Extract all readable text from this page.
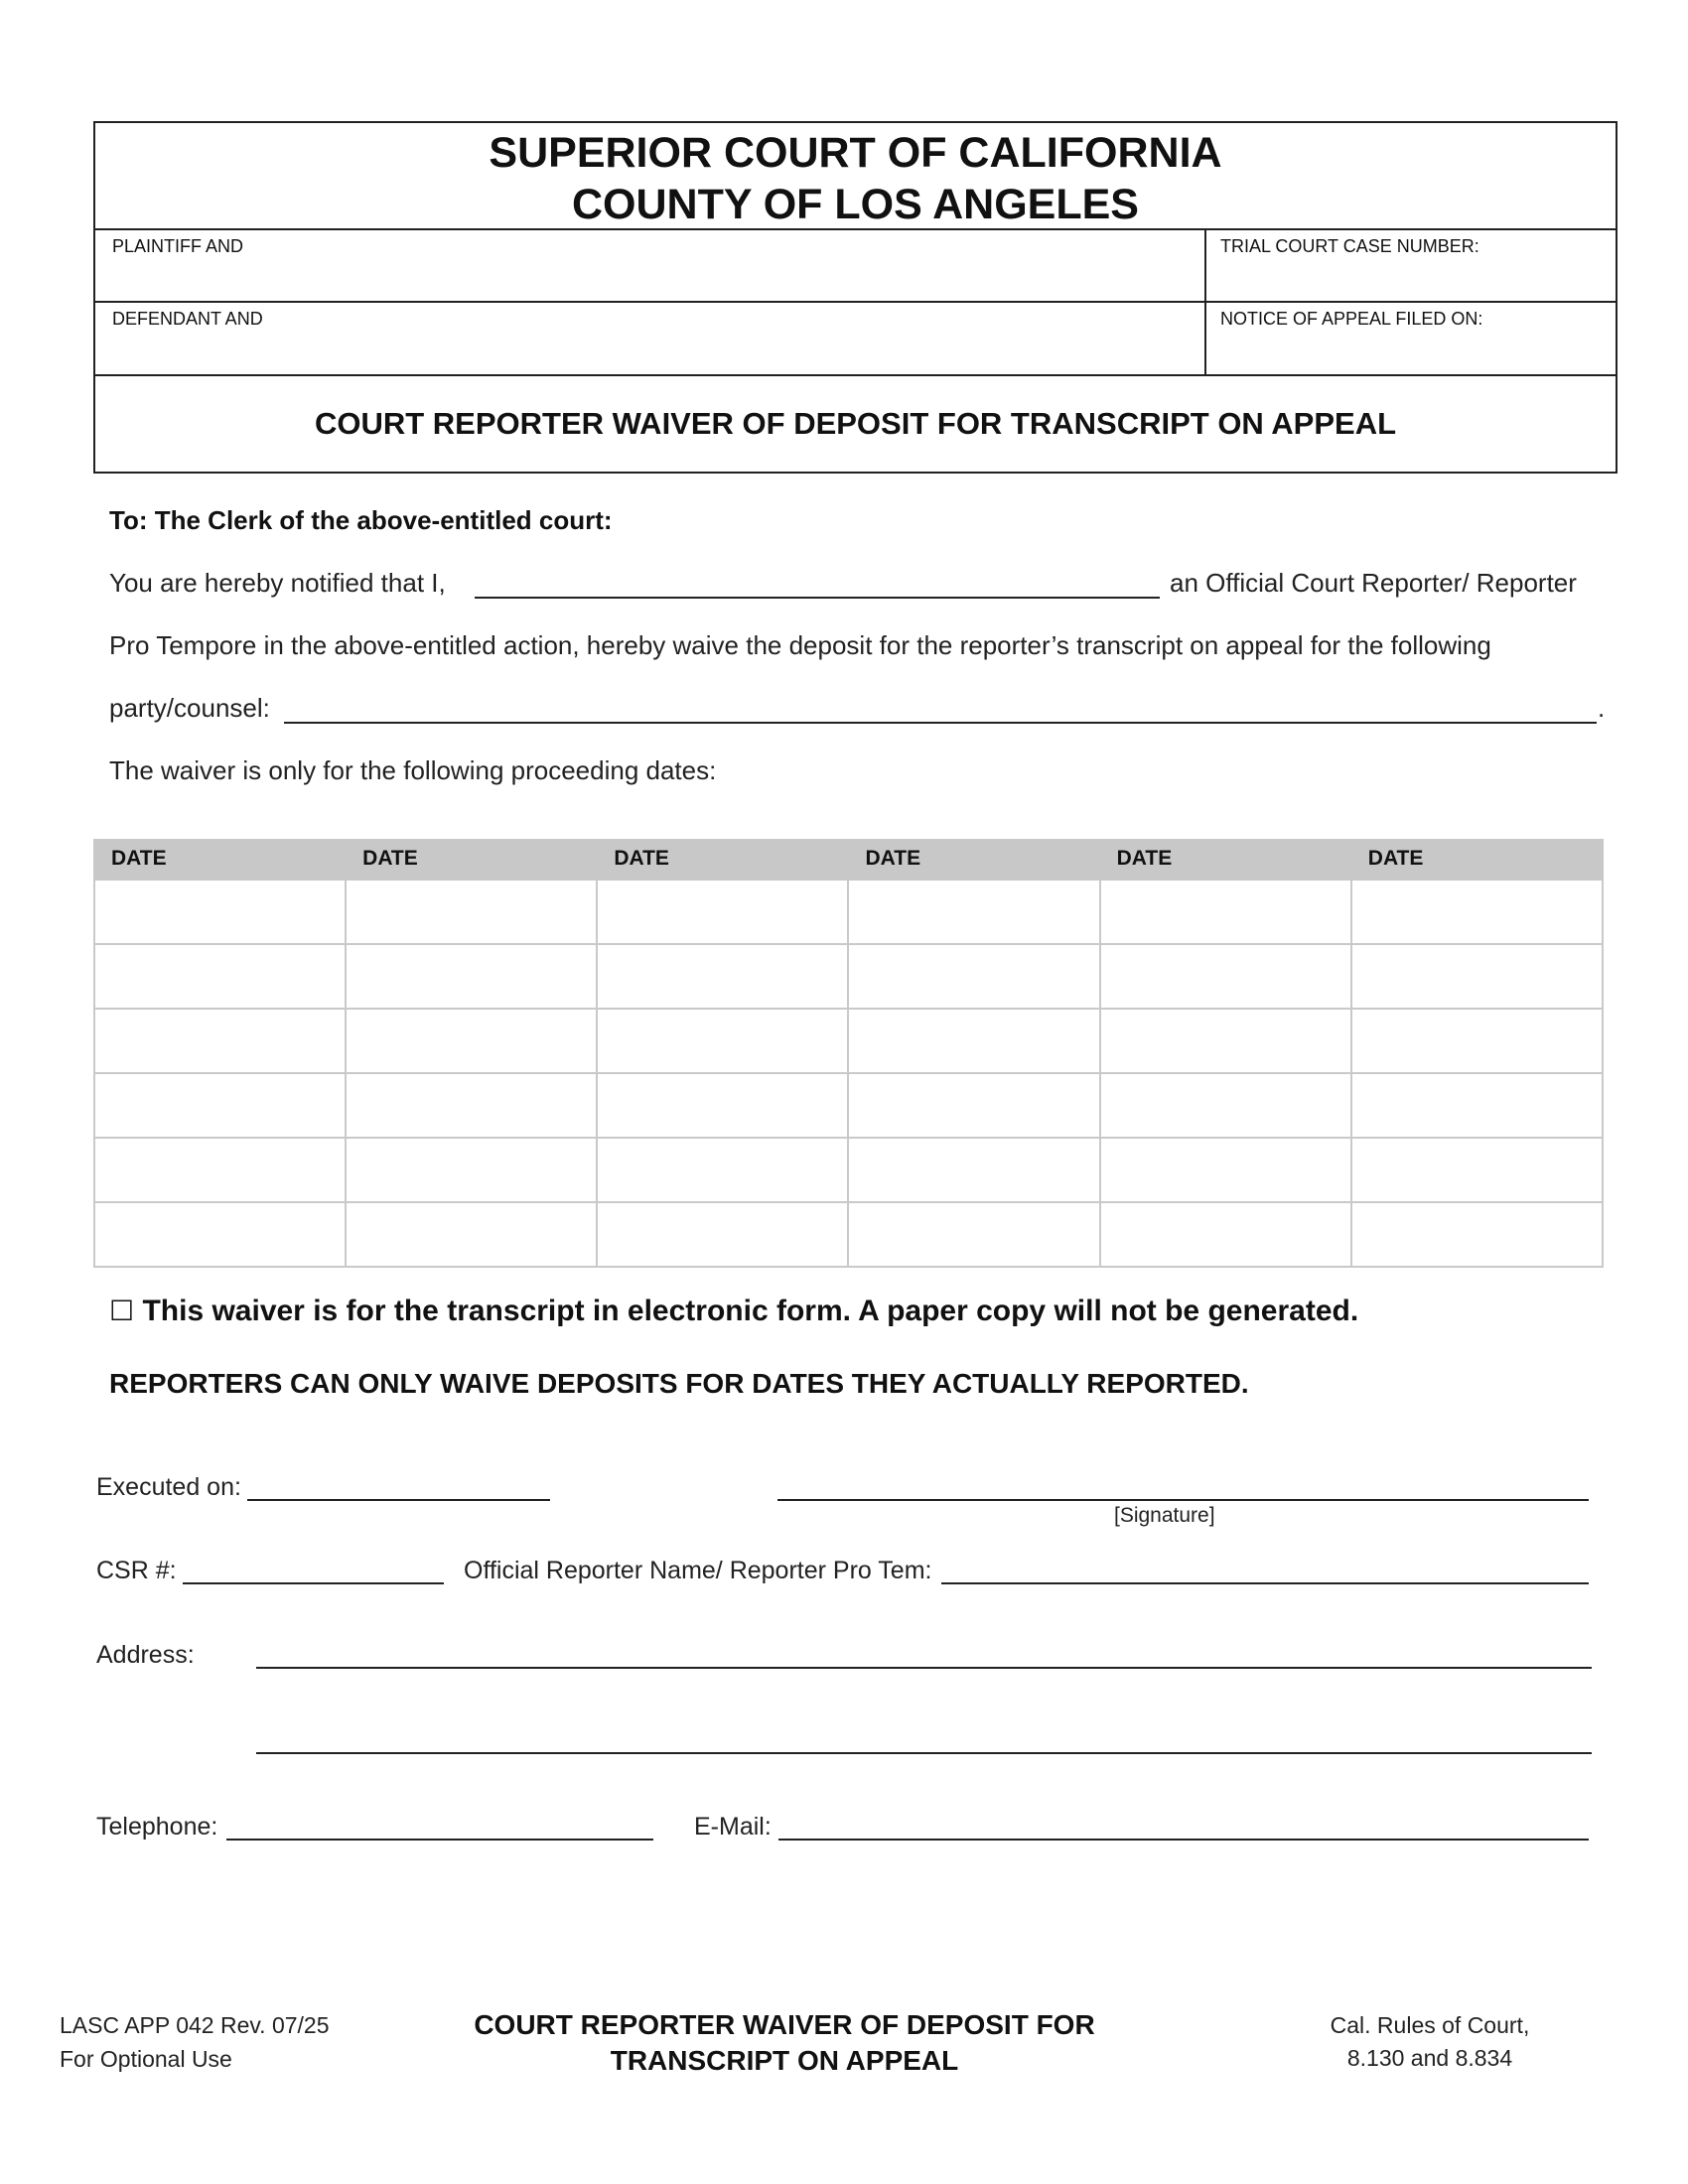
SUPERIOR COURT OF CALIFORNIA
COUNTY OF LOS ANGELES
PLAINTIFF AND	TRIAL COURT CASE NUMBER:
DEFENDANT AND	NOTICE OF APPEAL FILED ON:
COURT REPORTER WAIVER OF DEPOSIT FOR TRANSCRIPT ON APPEAL
To: The Clerk of the above-entitled court:
You are hereby notified that I,	an Official Court Reporter/ Reporter
Pro Tempore in the above-entitled action, hereby waive the deposit for the reporter’s transcript on appeal for the following
party/counsel:	.
The waiver is only for the following proceeding dates:
DATE	DATE	DATE	DATE	DATE	DATE

☐ This waiver is for the transcript in electronic form. A paper copy will not be generated.
REPORTERS CAN ONLY WAIVE DEPOSITS FOR DATES THEY ACTUALLY REPORTED.
Executed on:
[Signature]
CSR #:	Official Reporter Name/ Reporter Pro Tem:
Address:
Telephone:	E-Mail:
LASC APP 042 Rev. 07/25
For Optional Use
COURT REPORTER WAIVER OF DEPOSIT FOR
TRANSCRIPT ON APPEAL
Cal. Rules of Court,
8.130 and 8.834
